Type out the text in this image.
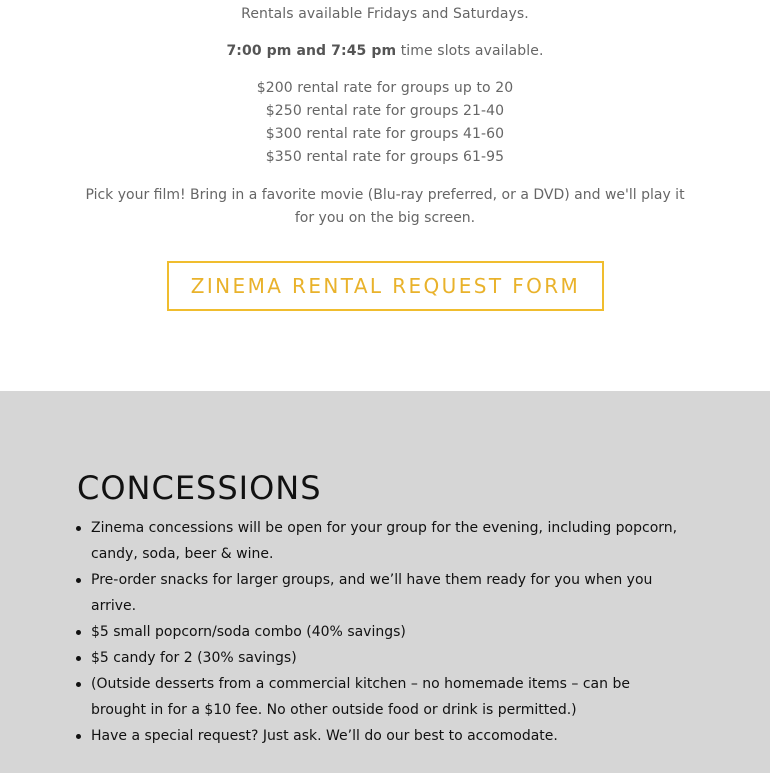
Rentals available Fridays and Saturdays.
7:00 pm and 7:45 pm time slots available.
$200 rental rate for groups up to 20
$250 rental rate for groups 21-40
$300 rental rate for groups 41-60
$350 rental rate for groups 61-95
Pick your film! Bring in a favorite movie (Blu-ray preferred, or a DVD) and we'll play it for you on the big screen.
ZINEMA RENTAL REQUEST FORM
CONCESSIONS
Zinema concessions will be open for your group for the evening, including popcorn, candy, soda, beer & wine.
Pre-order snacks for larger groups, and we’ll have them ready for you when you arrive.
$5 small popcorn/soda combo (40% savings)
$5 candy for 2 (30% savings)
(Outside desserts from a commercial kitchen – no homemade items – can be brought in for a $10 fee. No other outside food or drink is permitted.)
Have a special request? Just ask. We’ll do our best to accomodate.
